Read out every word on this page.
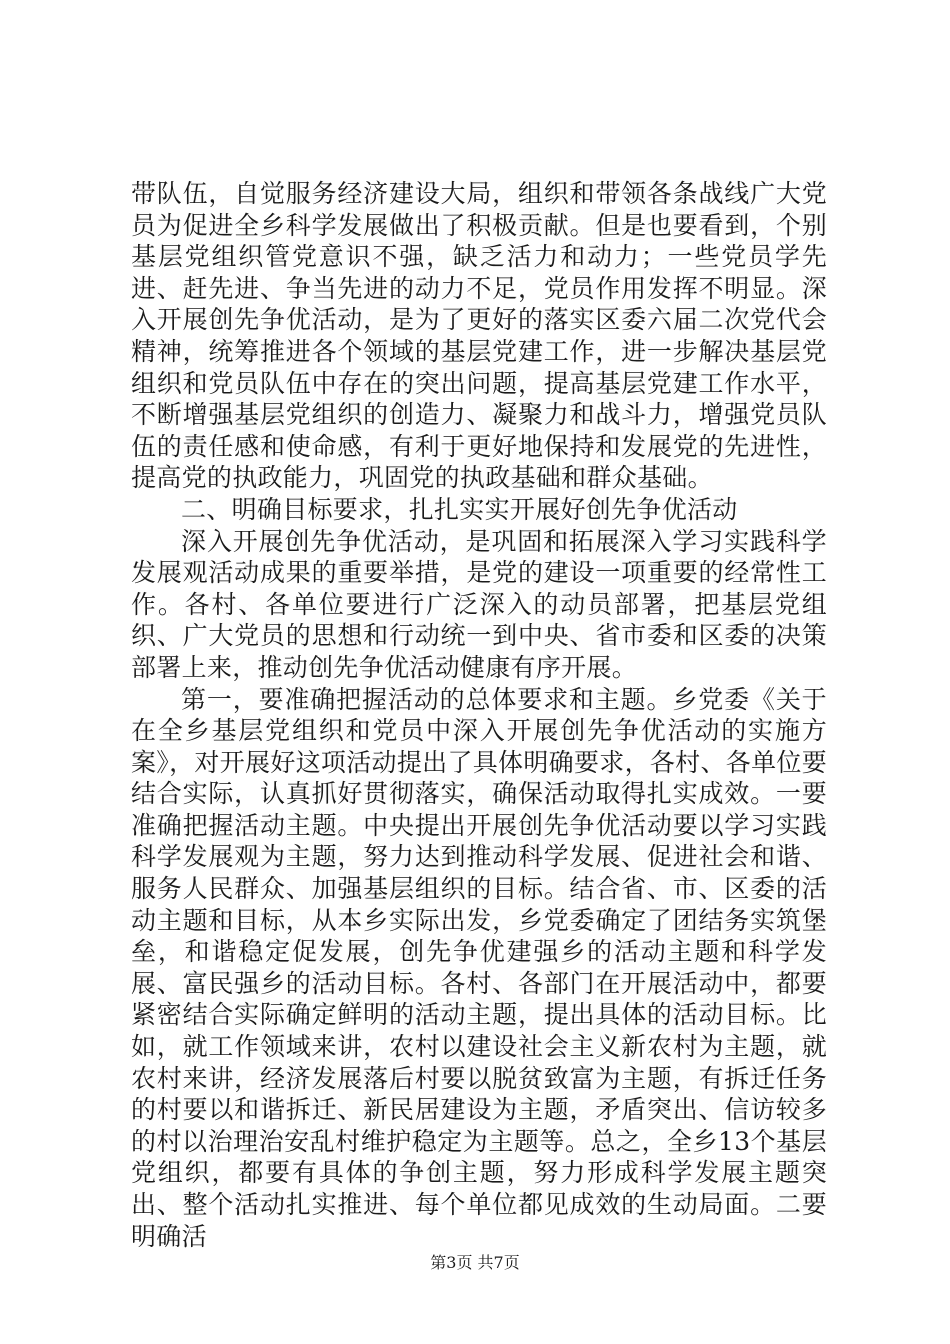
带队伍，自觉服务经济建设大局，组织和带领各条战线广大党员为促进全乡科学发展做出了积极贡献。但是也要看到，个别基层党组织管党意识不强，缺乏活力和动力；一些党员学先进、赶先进、争当先进的动力不足，党员作用发挥不明显。深入开展创先争优活动，是为了更好的落实区委六届二次党代会精神，统筹推进各个领域的基层党建工作，进一步解决基层党组织和党员队伍中存在的突出问题，提高基层党建工作水平，不断增强基层党组织的创造力、凝聚力和战斗力，增强党员队伍的责任感和使命感，有利于更好地保持和发展党的先进性，提高党的执政能力，巩固党的执政基础和群众基础。

二、明确目标要求，扎扎实实开展好创先争优活动

深入开展创先争优活动，是巩固和拓展深入学习实践科学发展观活动成果的重要举措，是党的建设一项重要的经常性工作。各村、各单位要进行广泛深入的动员部署，把基层党组织、广大党员的思想和行动统一到中央、省市委和区委的决策部署上来，推动创先争优活动健康有序开展。

第一，要准确把握活动的总体要求和主题。乡党委《关于在全乡基层党组织和党员中深入开展创先争优活动的实施方案》，对开展好这项活动提出了具体明确要求，各村、各单位要结合实际，认真抓好贯彻落实，确保活动取得扎实成效。一要准确把握活动主题。中央提出开展创先争优活动要以学习实践科学发展观为主题，努力达到推动科学发展、促进社会和谐、服务人民群众、加强基层组织的目标。结合省、市、区委的活动主题和目标，从本乡实际出发，乡党委确定了团结务实筑堡垒，和谐稳定促发展，创先争优建强乡的活动主题和科学发展、富民强乡的活动目标。各村、各部门在开展活动中，都要紧密结合实际确定鲜明的活动主题，提出具体的活动目标。比如，就工作领域来讲，农村以建设社会主义新农村为主题，就农村来讲，经济发展落后村要以脱贫致富为主题，有拆迁任务的村要以和谐拆迁、新民居建设为主题，矛盾突出、信访较多的村以治理治安乱村维护稳定为主题等。总之，全乡13个基层党组织，都要有具体的争创主题，努力形成科学发展主题突出、整个活动扎实推进、每个单位都见成效的生动局面。二要明确活

第3页 共7页
